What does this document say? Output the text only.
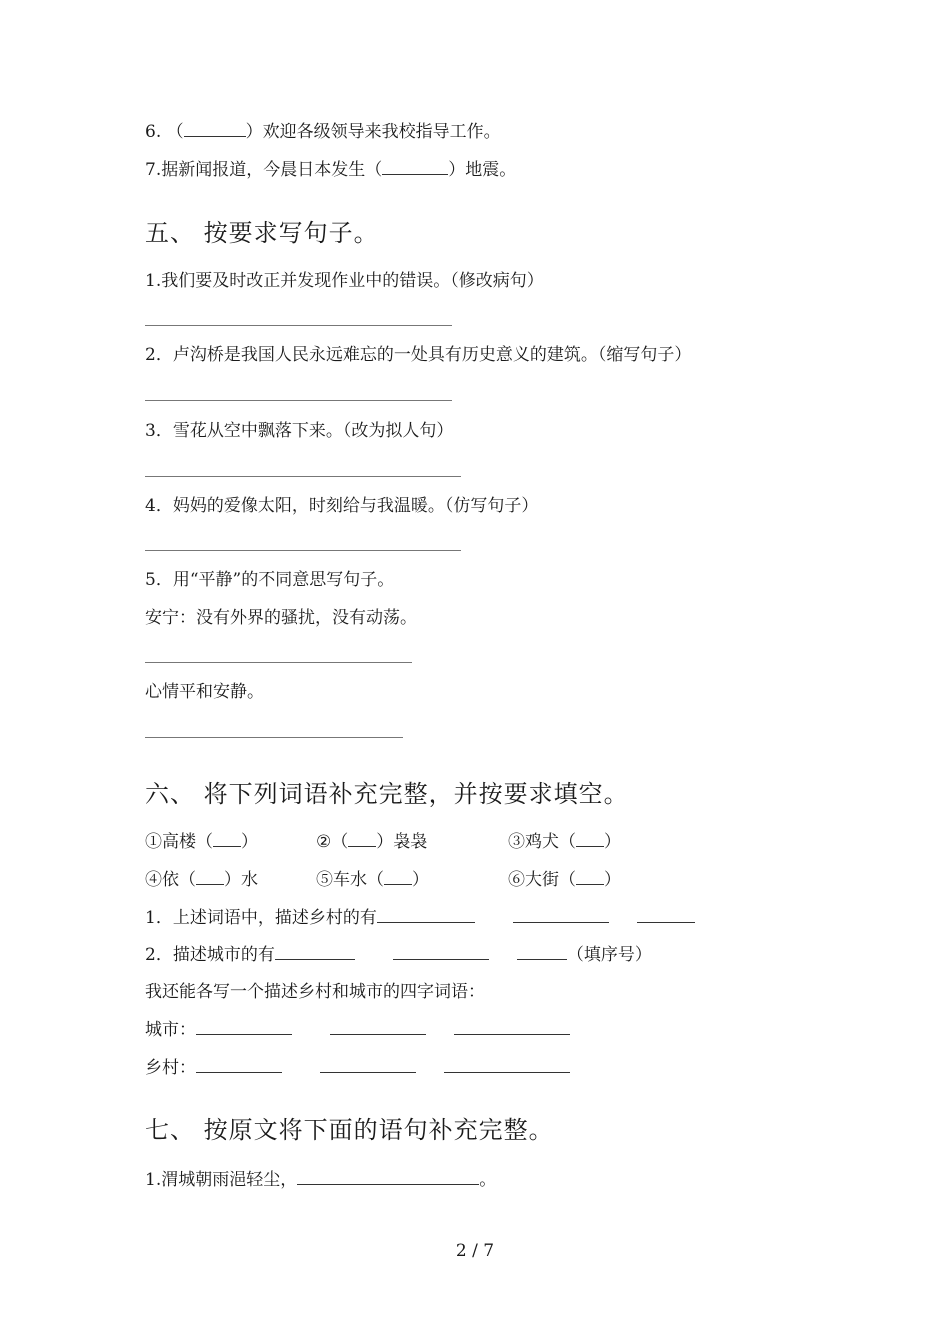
6. （	）欢迎各级领导来我校指导工作。
7.据新闻报道，今晨日本发生（	）地震。
五、 按要求写句子。
1.我们要及时改正并发现作业中的错误。（修改病句）
2．卢沟桥是我国人民永远难忘的一处具有历史意义的建筑。（缩写句子）
3．雪花从空中飘落下来。（改为拟人句）
4．妈妈的爱像太阳，时刻给与我温暖。（仿写句子）
5．用“平静”的不同意思写句子。
安宁：没有外界的骚扰，没有动荡。
心情平和安静。
六、 将下列词语补充完整，并按要求填空。
①高楼（ ）	②（ ）袅袅	③鸡犬（ ）
④依（ ）水	⑤车水（ ）	⑥大街（ ）
1．上述词语中，描述乡村的有
2．描述城市的有	（填序号）
我还能各写一个描述乡村和城市的四字词语：
城市：
乡村：
七、 按原文将下面的语句补充完整。
1.渭城朝雨浥轻尘，	。
2 / 7
